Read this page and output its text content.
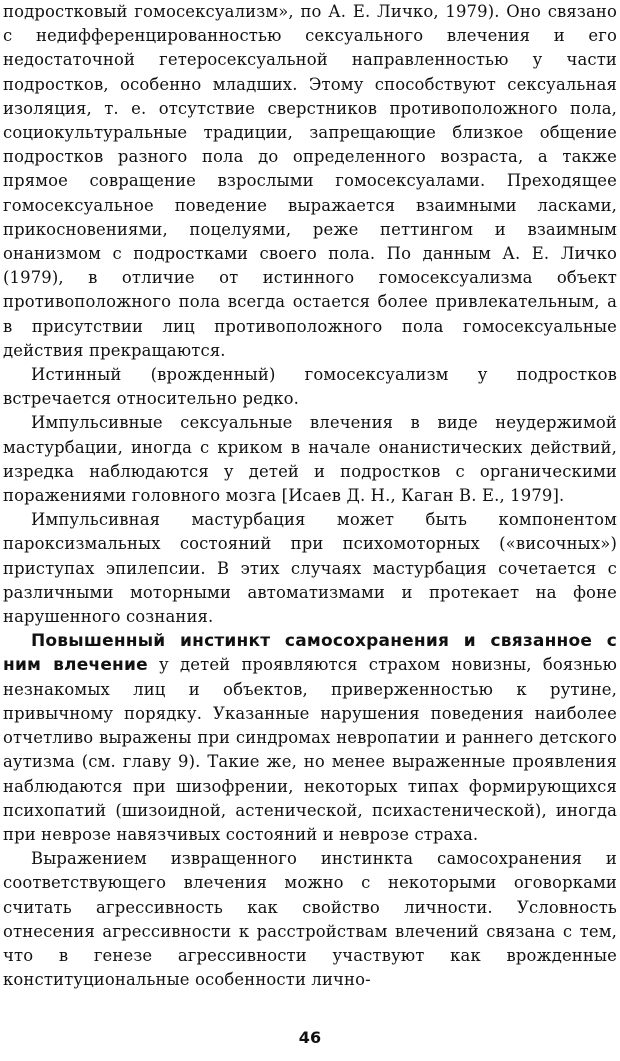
подростковый гомосексуализм», по А. Е. Личко, 1979). Оно связано с недифференцированностью сексуального влечения и его недостаточной гетеросексуальной направленностью у части подростков, особенно младших. Этому способствуют сексуальная изоляция, т. е. отсутствие сверстников противоположного пола, социокультуральные традиции, запрещающие близкое общение подростков разного пола до определенного возраста, а также прямое совращение взрослыми гомосексуалами. Преходящее гомосексуальное поведение выражается взаимными ласками, прикосновениями, поцелуями, реже петтингом и взаимным онанизмом с подростками своего пола. По данным А. Е. Личко (1979), в отличие от истинного гомосексуализма объект противоположного пола всегда остается более привлекательным, а в присутствии лиц противоположного пола гомосексуальные действия прекращаются.

Истинный (врожденный) гомосексуализм у подростков встречается относительно редко.

Импульсивные сексуальные влечения в виде неудержимой мастурбации, иногда с криком в начале онанистических действий, изредка наблюдаются у детей и подростков с органическими поражениями головного мозга [Исаев Д. Н., Каган В. Е., 1979].

Импульсивная мастурбация может быть компонентом пароксизмальных состояний при психомоторных («височных») приступах эпилепсии. В этих случаях мастурбация сочетается с различными моторными автоматизмами и протекает на фоне нарушенного сознания.

Повышенный инстинкт самосохранения и связанное с ним влечение у детей проявляются страхом новизны, боязнью незнакомых лиц и объектов, приверженностью к рутине, привычному порядку. Указанные нарушения поведения наиболее отчетливо выражены при синдромах невропатии и раннего детского аутизма (см. главу 9). Такие же, но менее выраженные проявления наблюдаются при шизофрении, некоторых типах формирующихся психопатий (шизоидной, астенической, психастенической), иногда при неврозе навязчивых состояний и неврозе страха.

Выражением извращенного инстинкта самосохранения и соответствующего влечения можно с некоторыми оговорками считать агрессивность как свойство личности. Условность отнесения агрессивности к расстройствам влечений связана с тем, что в генезе агрессивности участвуют как врожденные конституциональные особенности лично-

46
